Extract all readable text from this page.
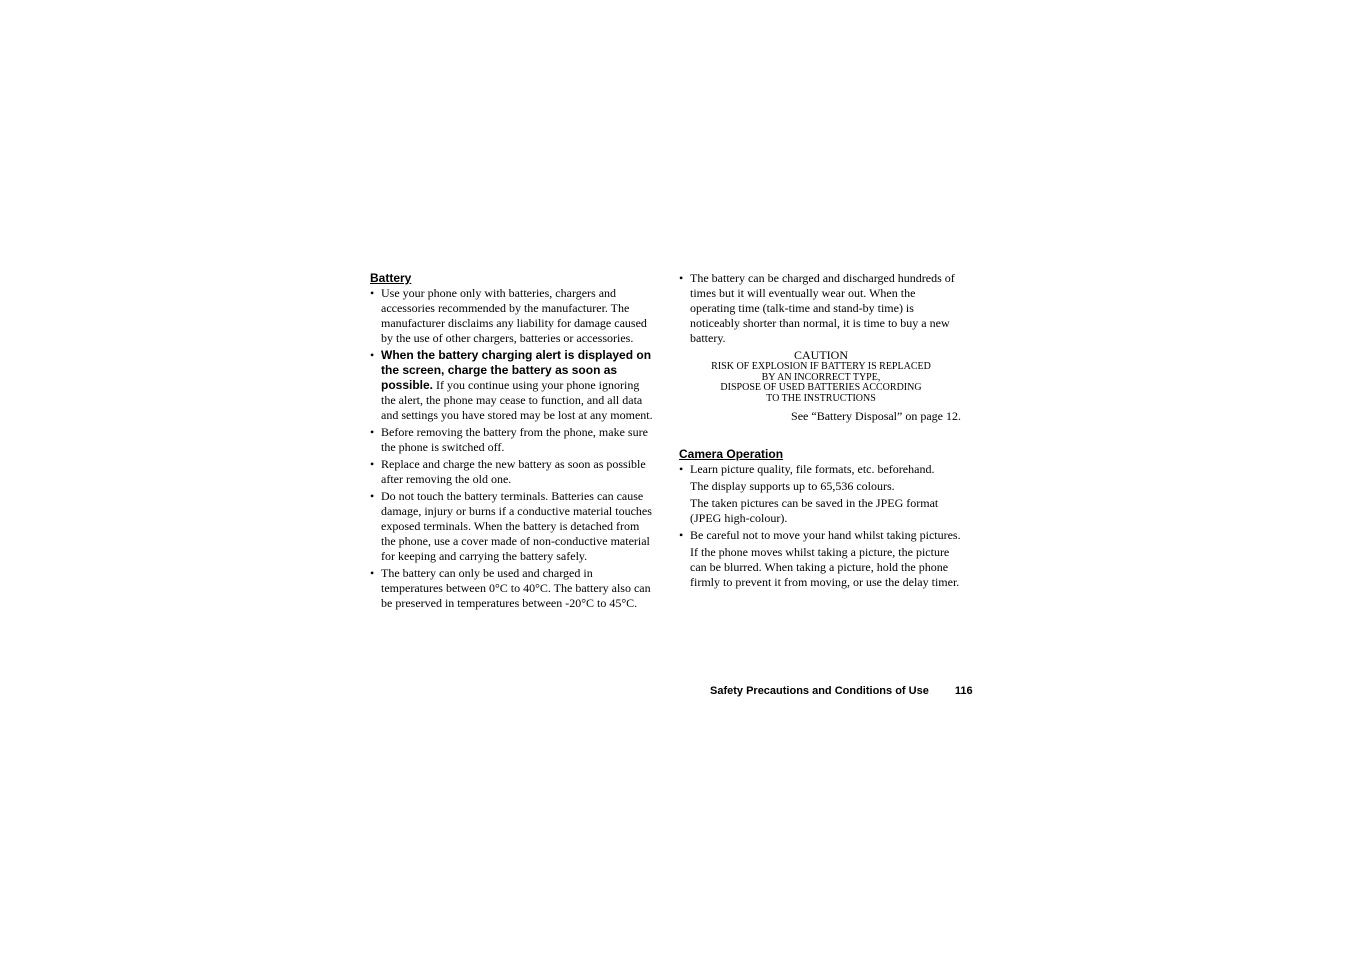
Battery
• Use your phone only with batteries, chargers and accessories recommended by the manufacturer. The manufacturer disclaims any liability for damage caused by the use of other chargers, batteries or accessories.
• When the battery charging alert is displayed on the screen, charge the battery as soon as possible. If you continue using your phone ignoring the alert, the phone may cease to function, and all data and settings you have stored may be lost at any moment.
• Before removing the battery from the phone, make sure the phone is switched off.
• Replace and charge the new battery as soon as possible after removing the old one.
• Do not touch the battery terminals. Batteries can cause damage, injury or burns if a conductive material touches exposed terminals. When the battery is detached from the phone, use a cover made of non-conductive material for keeping and carrying the battery safely.
• The battery can only be used and charged in temperatures between 0°C to 40°C. The battery also can be preserved in temperatures between -20°C to 45°C.
• The battery can be charged and discharged hundreds of times but it will eventually wear out. When the operating time (talk-time and stand-by time) is noticeably shorter than normal, it is time to buy a new battery.
CAUTION
RISK OF EXPLOSION IF BATTERY IS REPLACED
BY AN INCORRECT TYPE,
DISPOSE OF USED BATTERIES ACCORDING
TO THE INSTRUCTIONS
See “Battery Disposal” on page 12.
Camera Operation
• Learn picture quality, file formats, etc. beforehand.
The display supports up to 65,536 colours.
The taken pictures can be saved in the JPEG format (JPEG high-colour).
• Be careful not to move your hand whilst taking pictures.
If the phone moves whilst taking a picture, the picture can be blurred. When taking a picture, hold the phone firmly to prevent it from moving, or use the delay timer.
Safety Precautions and Conditions of Use 116
